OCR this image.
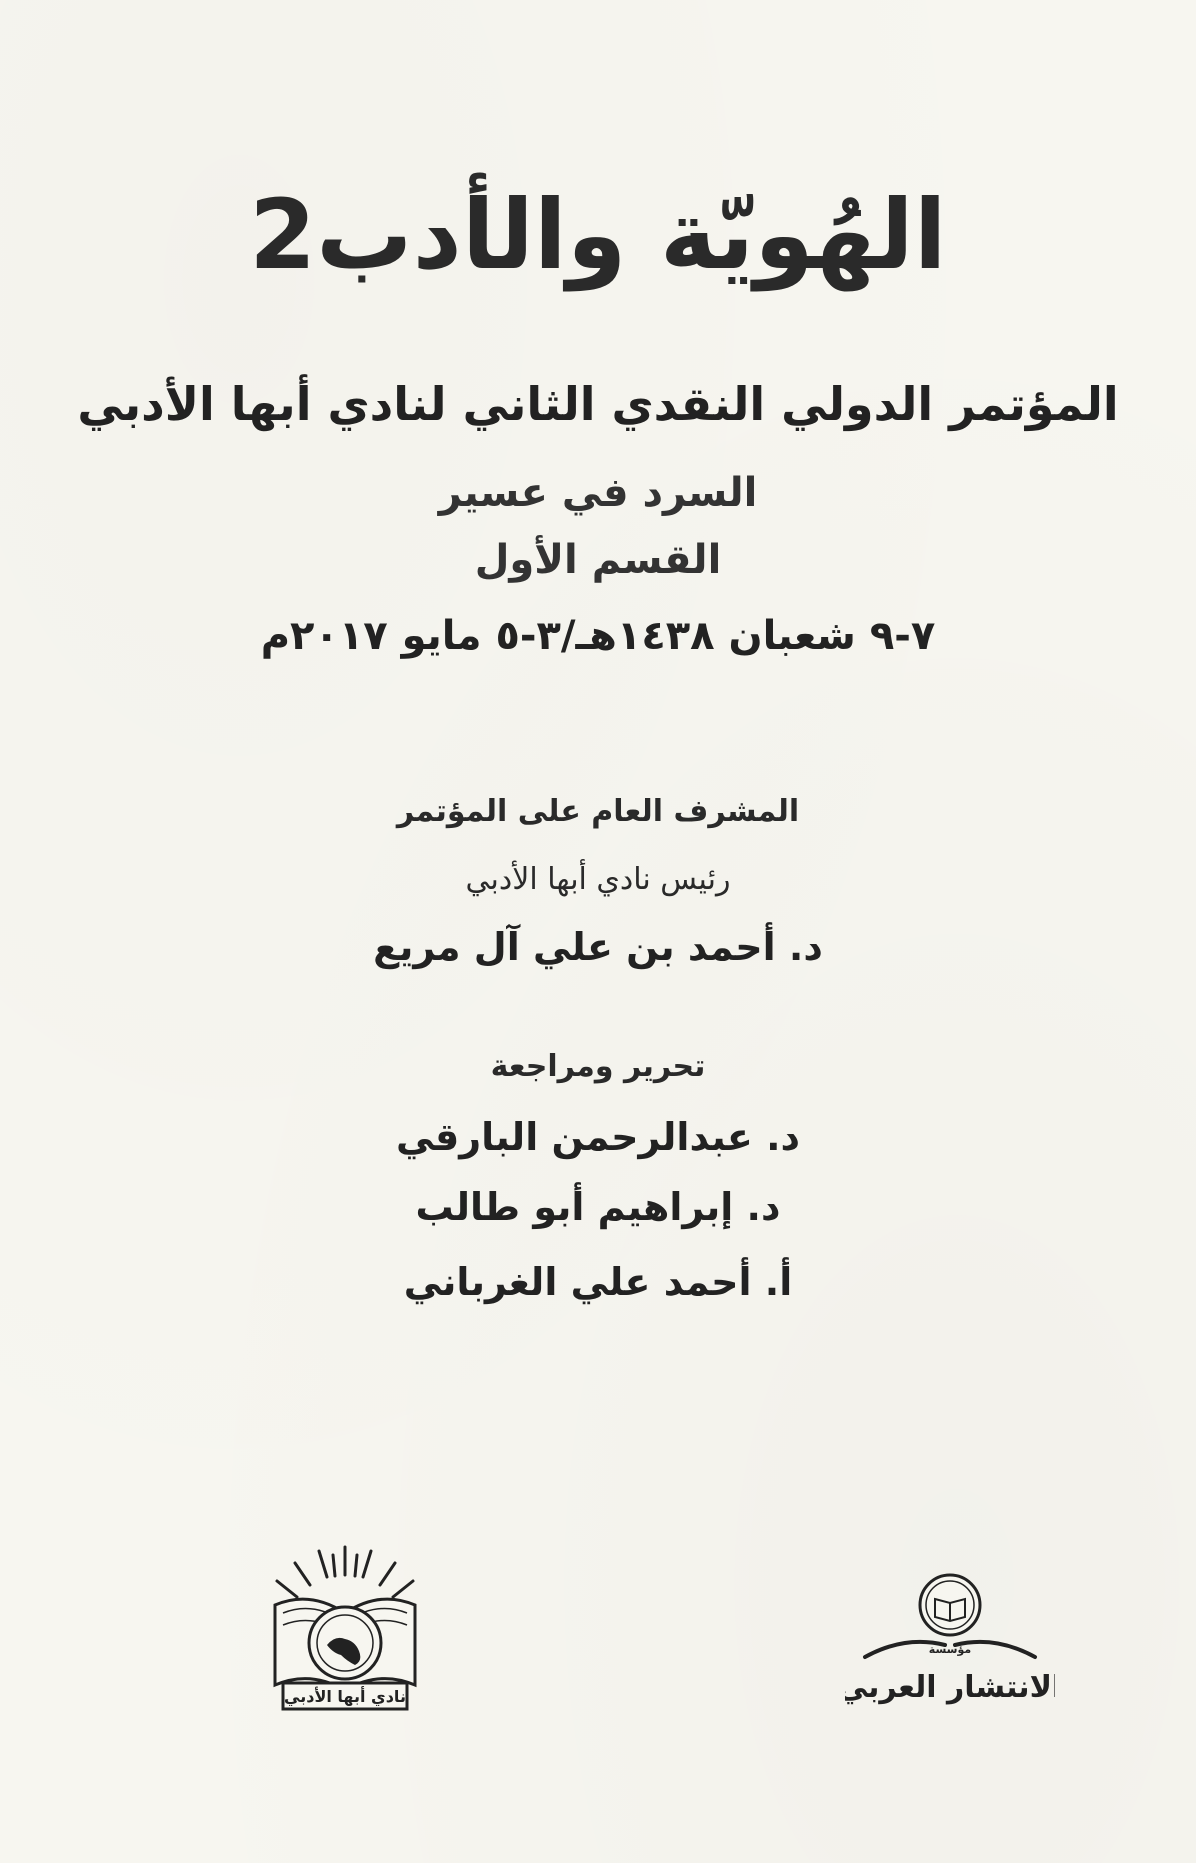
الهُويّة والأدب2
المؤتمر الدولي النقدي الثاني لنادي أبها الأدبي
السرد في عسير
القسم الأول
٧-٩ شعبان ١٤٣٨هـ/٣-٥ مايو ٢٠١٧م
المشرف العام على المؤتمر
رئيس نادي أبها الأدبي
د. أحمد بن علي آل مريع
تحرير ومراجعة
د. عبدالرحمن البارقي
د. إبراهيم أبو طالب
أ. أحمد علي الغرباني
نادي أبها الأدبي
مؤسسة
الانتشار العربي
